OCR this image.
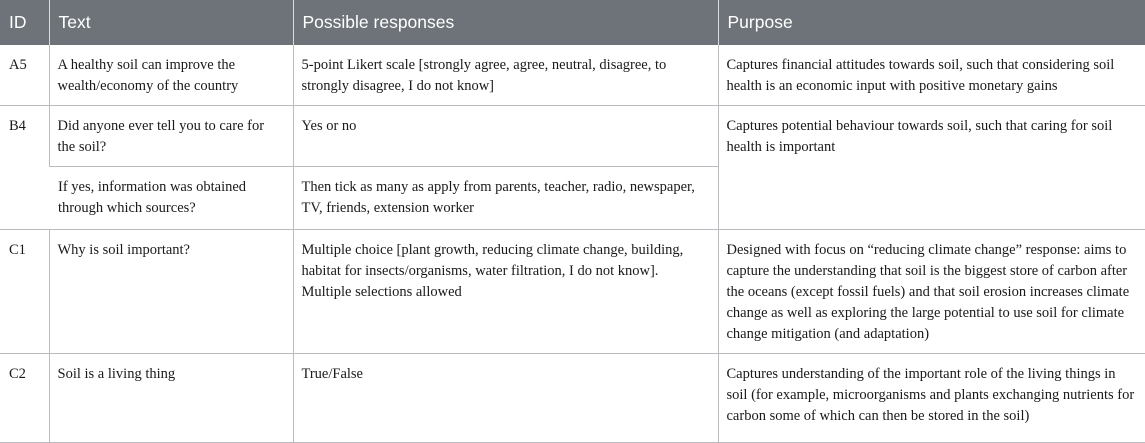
ID	Text	Possible responses	Purpose
A5	A healthy soil can improve the wealth/economy of the country	5-point Likert scale [strongly agree, agree, neutral, disagree, to strongly disagree, I do not know]	Captures financial attitudes towards soil, such that considering soil health is an economic input with positive monetary gains
B4	Did anyone ever tell you to care for the soil?	Yes or no	Captures potential behaviour towards soil, such that caring for soil health is important
	If yes, information was obtained through which sources?	Then tick as many as apply from parents, teacher, radio, newspaper, TV, friends, extension worker	
C1	Why is soil important?	Multiple choice [plant growth, reducing climate change, building, habitat for insects/organisms, water filtration, I do not know]. Multiple selections allowed	Designed with focus on “reducing climate change” response: aims to capture the understanding that soil is the biggest store of carbon after the oceans (except fossil fuels) and that soil erosion increases climate change as well as exploring the large potential to use soil for climate change mitigation (and adaptation)
C2	Soil is a living thing	True/False	Captures understanding of the important role of the living things in soil (for example, microorganisms and plants exchanging nutrients for carbon some of which can then be stored in the soil)
